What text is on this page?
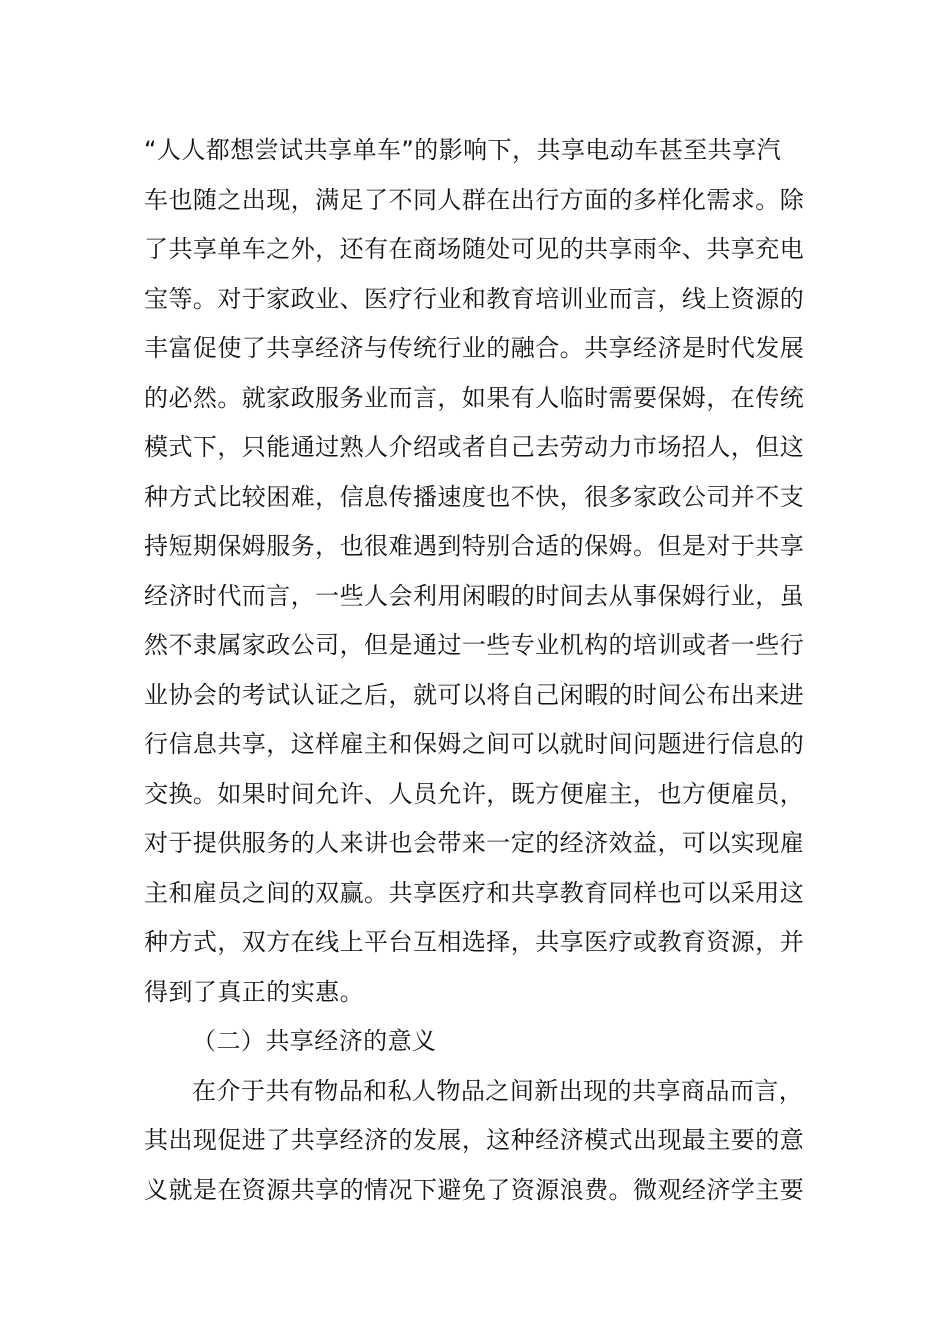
“人人都想尝试共享单车”的影响下，共享电动车甚至共享汽
车也随之出现，满足了不同人群在出行方面的多样化需求。除
了共享单车之外，还有在商场随处可见的共享雨伞、共享充电
宝等。对于家政业、医疗行业和教育培训业而言，线上资源的
丰富促使了共享经济与传统行业的融合。共享经济是时代发展
的必然。就家政服务业而言，如果有人临时需要保姆，在传统
模式下，只能通过熟人介绍或者自己去劳动力市场招人，但这
种方式比较困难，信息传播速度也不快，很多家政公司并不支
持短期保姆服务，也很难遇到特别合适的保姆。但是对于共享
经济时代而言，一些人会利用闲暇的时间去从事保姆行业，虽
然不隶属家政公司，但是通过一些专业机构的培训或者一些行
业协会的考试认证之后，就可以将自己闲暇的时间公布出来进
行信息共享，这样雇主和保姆之间可以就时间问题进行信息的
交换。如果时间允许、人员允许，既方便雇主，也方便雇员，
对于提供服务的人来讲也会带来一定的经济效益，可以实现雇
主和雇员之间的双赢。共享医疗和共享教育同样也可以采用这
种方式，双方在线上平台互相选择，共享医疗或教育资源，并
得到了真正的实惠。
（二）共享经济的意义
在介于共有物品和私人物品之间新出现的共享商品而言，
其出现促进了共享经济的发展，这种经济模式出现最主要的意
义就是在资源共享的情况下避免了资源浪费。微观经济学主要
